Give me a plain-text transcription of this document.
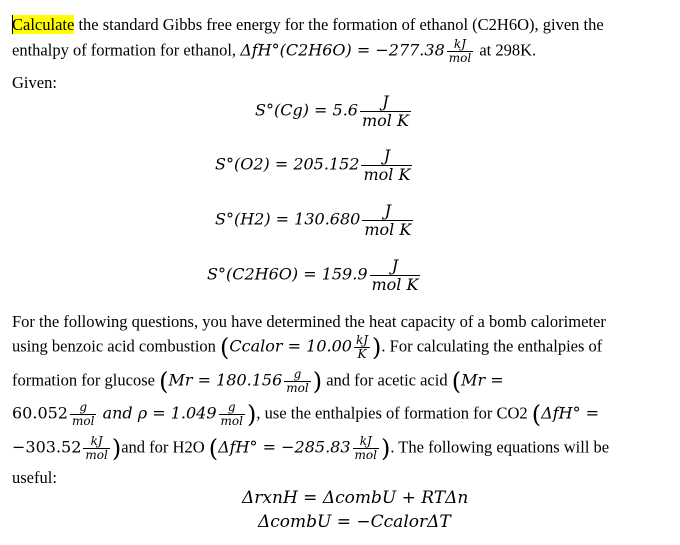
Calculate the standard Gibbs free energy for the formation of ethanol (C2H6O), given the
enthalpy of formation for ethanol, $\Delta fH^\circ(C2H6O) = -277.38 \frac{kJ}{\text{mol}}$ at 298K.
Given:
$S^\circ(Cg) = 5.6 \frac{J}{\text{mol K}}$
$S^\circ(O2) = 205.152 \frac{J}{\text{mol K}}$
$S^\circ(H2) = 130.680 \frac{J}{\text{mol K}}$
$S^\circ(C2H6O) = 159.9 \frac{J}{\text{mol K}}$
For the following questions, you have determined the heat capacity of a bomb calorimeter
using benzoic acid combustion (Ccalor = $10.00 \frac{kJ}{K}$ ). For calculating the enthalpies of
formation for glucose ($Mr = 180.156 \frac{g}{\text{mol}}$ ) and for acetic acid (Mr =
$60.052 \frac{g}{\text{mol}}$ and $\rho = 1.049 \frac{g}{\text{mol}}$ ), use the enthalpies of formation for CO2 (ΔfH° =
$-303.52 \frac{kJ}{\text{mol}} )and$ for H2O ($\Delta fH^\circ = -285.83 \frac{kJ}{\text{mol}}$ ). The following equations will be
useful:
ΔrxnH = ΔcombU + RTΔn
ΔcombU = −CcalorΔT
